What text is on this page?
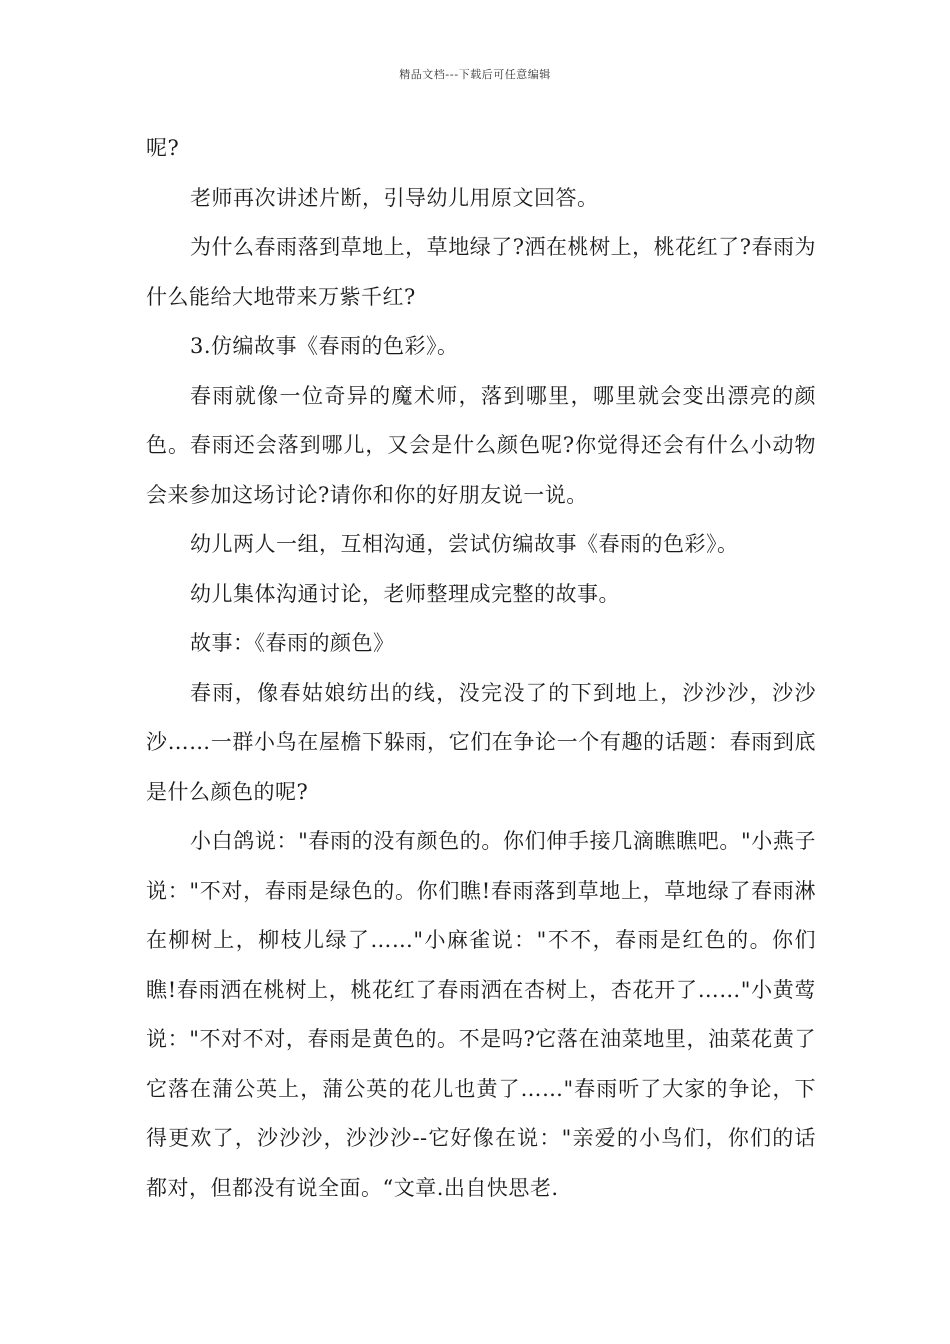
精品文档---下载后可任意编辑

呢?

老师再次讲述片断，引导幼儿用原文回答。

为什么春雨落到草地上，草地绿了?洒在桃树上，桃花红了?春雨为什么能给大地带来万紫千红?

3.仿编故事《春雨的色彩》。

春雨就像一位奇异的魔术师，落到哪里，哪里就会变出漂亮的颜色。春雨还会落到哪儿，又会是什么颜色呢?你觉得还会有什么小动物会来参加这场讨论?请你和你的好朋友说一说。

幼儿两人一组，互相沟通，尝试仿编故事《春雨的色彩》。

幼儿集体沟通讨论，老师整理成完整的故事。

故事：《春雨的颜色》

春雨，像春姑娘纺出的线，没完没了的下到地上，沙沙沙，沙沙沙……一群小鸟在屋檐下躲雨，它们在争论一个有趣的话题：春雨到底是什么颜色的呢?

小白鸽说："春雨的没有颜色的。你们伸手接几滴瞧瞧吧。"小燕子说："不对，春雨是绿色的。你们瞧!春雨落到草地上，草地绿了春雨淋在柳树上，柳枝儿绿了……"小麻雀说："不不，春雨是红色的。你们瞧!春雨洒在桃树上，桃花红了春雨洒在杏树上，杏花开了……"小黄莺说："不对不对，春雨是黄色的。不是吗?它落在油菜地里，油菜花黄了它落在蒲公英上，蒲公英的花儿也黄了……"春雨听了大家的争论，下得更欢了，沙沙沙，沙沙沙--它好像在说："亲爱的小鸟们，你们的话都对，但都没有说全面。“文章.出自快思老.
